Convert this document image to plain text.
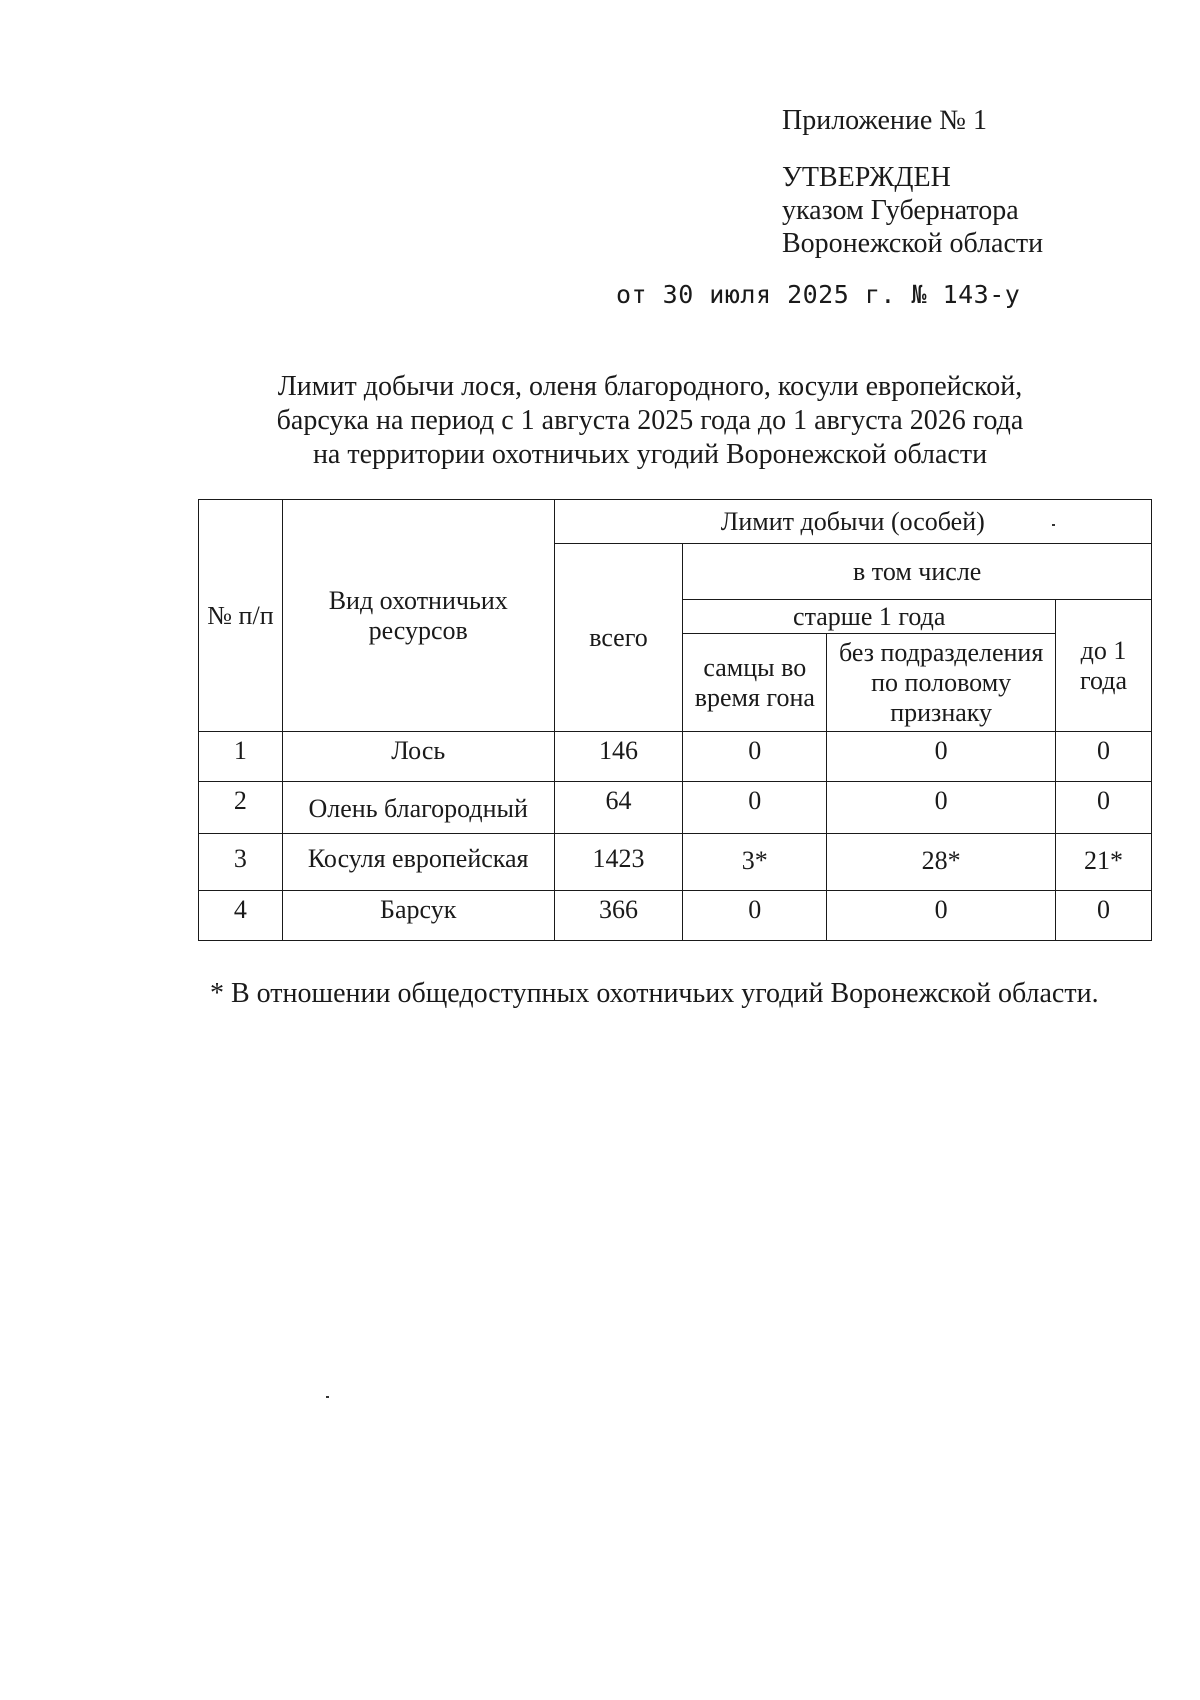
Приложение № 1
УТВЕРЖДЕН
указом Губернатора
Воронежской области
от 30 июля 2025 г. № 143-у
Лимит добычи лося, оленя благородного, косули европейской,
барсука на период с 1 августа 2025 года до 1 августа 2026 года
на территории охотничьих угодий Воронежской области
№ п/п	Вид охотничьих ресурсов	Лимит добычи (особей)			
		всего	в том числе		
			старше 1 года		до 1 года
			самцы во время гона	без подразделения по половому признаку	
1	Лось	146	0	0	0
2	Олень благородный	64	0	0	0
3	Косуля европейская	1423	3*	28*	21*
4	Барсук	366	0	0	0
* В отношении общедоступных охотничьих угодий Воронежской области.
